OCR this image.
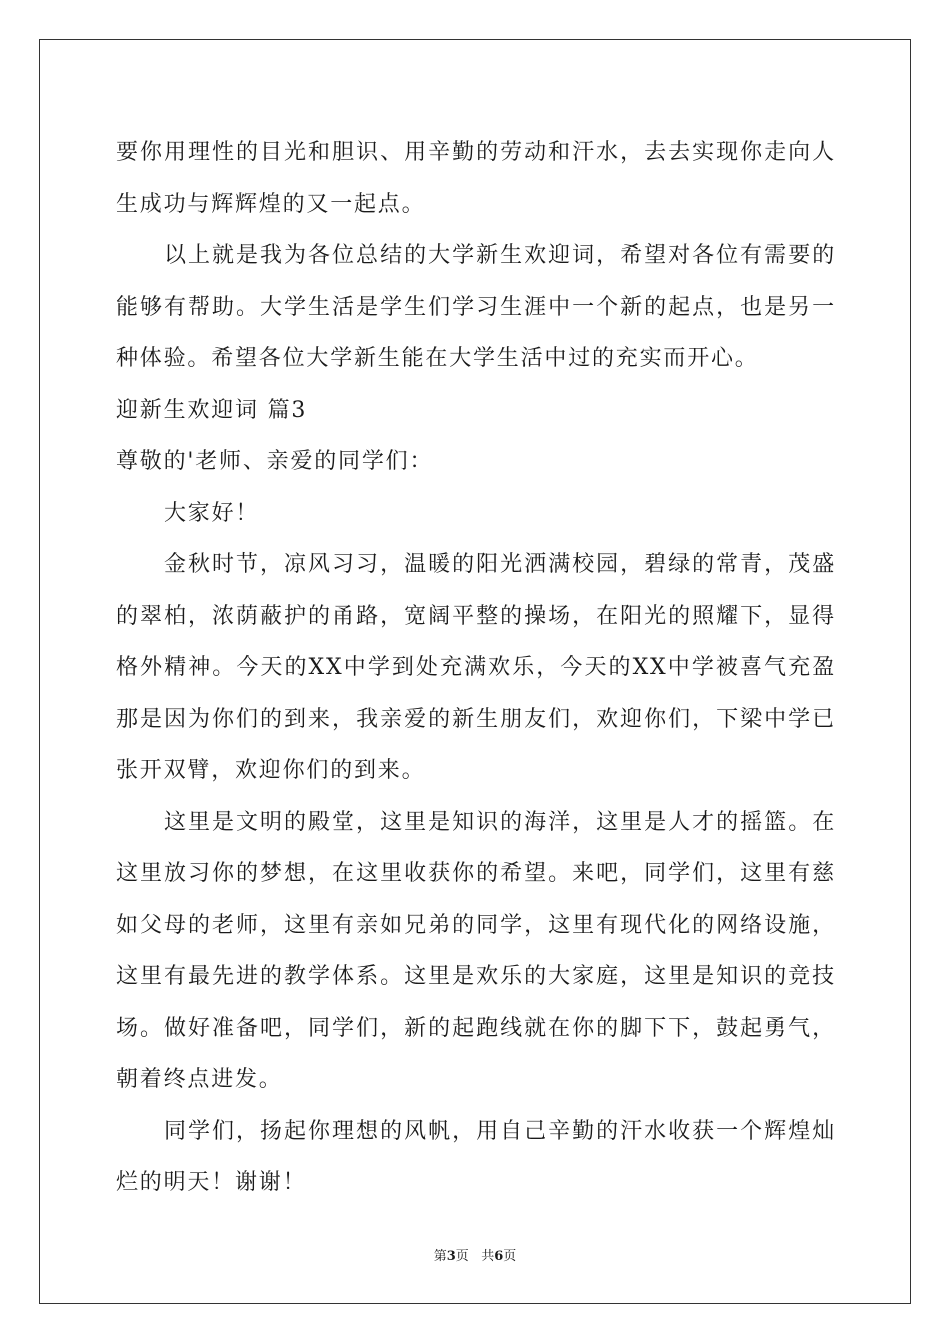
要你用理性的目光和胆识、用辛勤的劳动和汗水，去去实现你走向人生成功与辉辉煌的又一起点。

以上就是我为各位总结的大学新生欢迎词，希望对各位有需要的能够有帮助。大学生活是学生们学习生涯中一个新的起点，也是另一种体验。希望各位大学新生能在大学生活中过的充实而开心。

迎新生欢迎词 篇3

尊敬的'老师、亲爱的同学们：

大家好！

金秋时节，凉风习习，温暖的阳光洒满校园，碧绿的常青，茂盛的翠柏，浓荫蔽护的甬路，宽阔平整的操场，在阳光的照耀下，显得格外精神。今天的XX中学到处充满欢乐，今天的XX中学被喜气充盈那是因为你们的到来，我亲爱的新生朋友们，欢迎你们，下梁中学已张开双臂，欢迎你们的到来。

这里是文明的殿堂，这里是知识的海洋，这里是人才的摇篮。在这里放习你的梦想，在这里收获你的希望。来吧，同学们，这里有慈如父母的老师，这里有亲如兄弟的同学，这里有现代化的网络设施，这里有最先进的教学体系。这里是欢乐的大家庭，这里是知识的竞技场。做好准备吧，同学们，新的起跑线就在你的脚下下，鼓起勇气，朝着终点进发。

同学们，扬起你理想的风帆，用自己辛勤的汗水收获一个辉煌灿烂的明天！谢谢！

第3页 共6页
